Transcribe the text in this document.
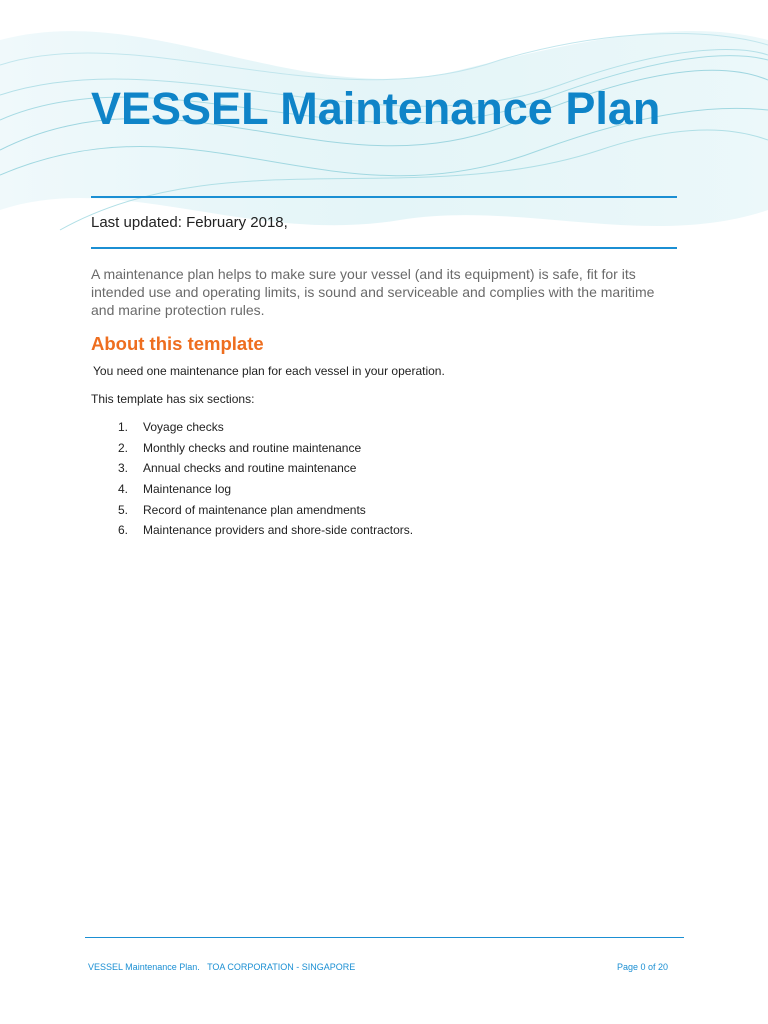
VESSEL Maintenance Plan
Last updated: February 2018,
A maintenance plan helps to make sure your vessel (and its equipment) is safe, fit for its intended use and operating limits, is sound and serviceable and complies with the maritime and marine protection rules.
About this template
You need one maintenance plan for each vessel in your operation.
This template has six sections:
1. Voyage checks
2. Monthly checks and routine maintenance
3. Annual checks and routine maintenance
4. Maintenance log
5. Record of maintenance plan amendments
6. Maintenance providers and shore-side contractors.
VESSEL Maintenance Plan.   TOA CORPORATION - SINGAPORE	Page 0 of 20
